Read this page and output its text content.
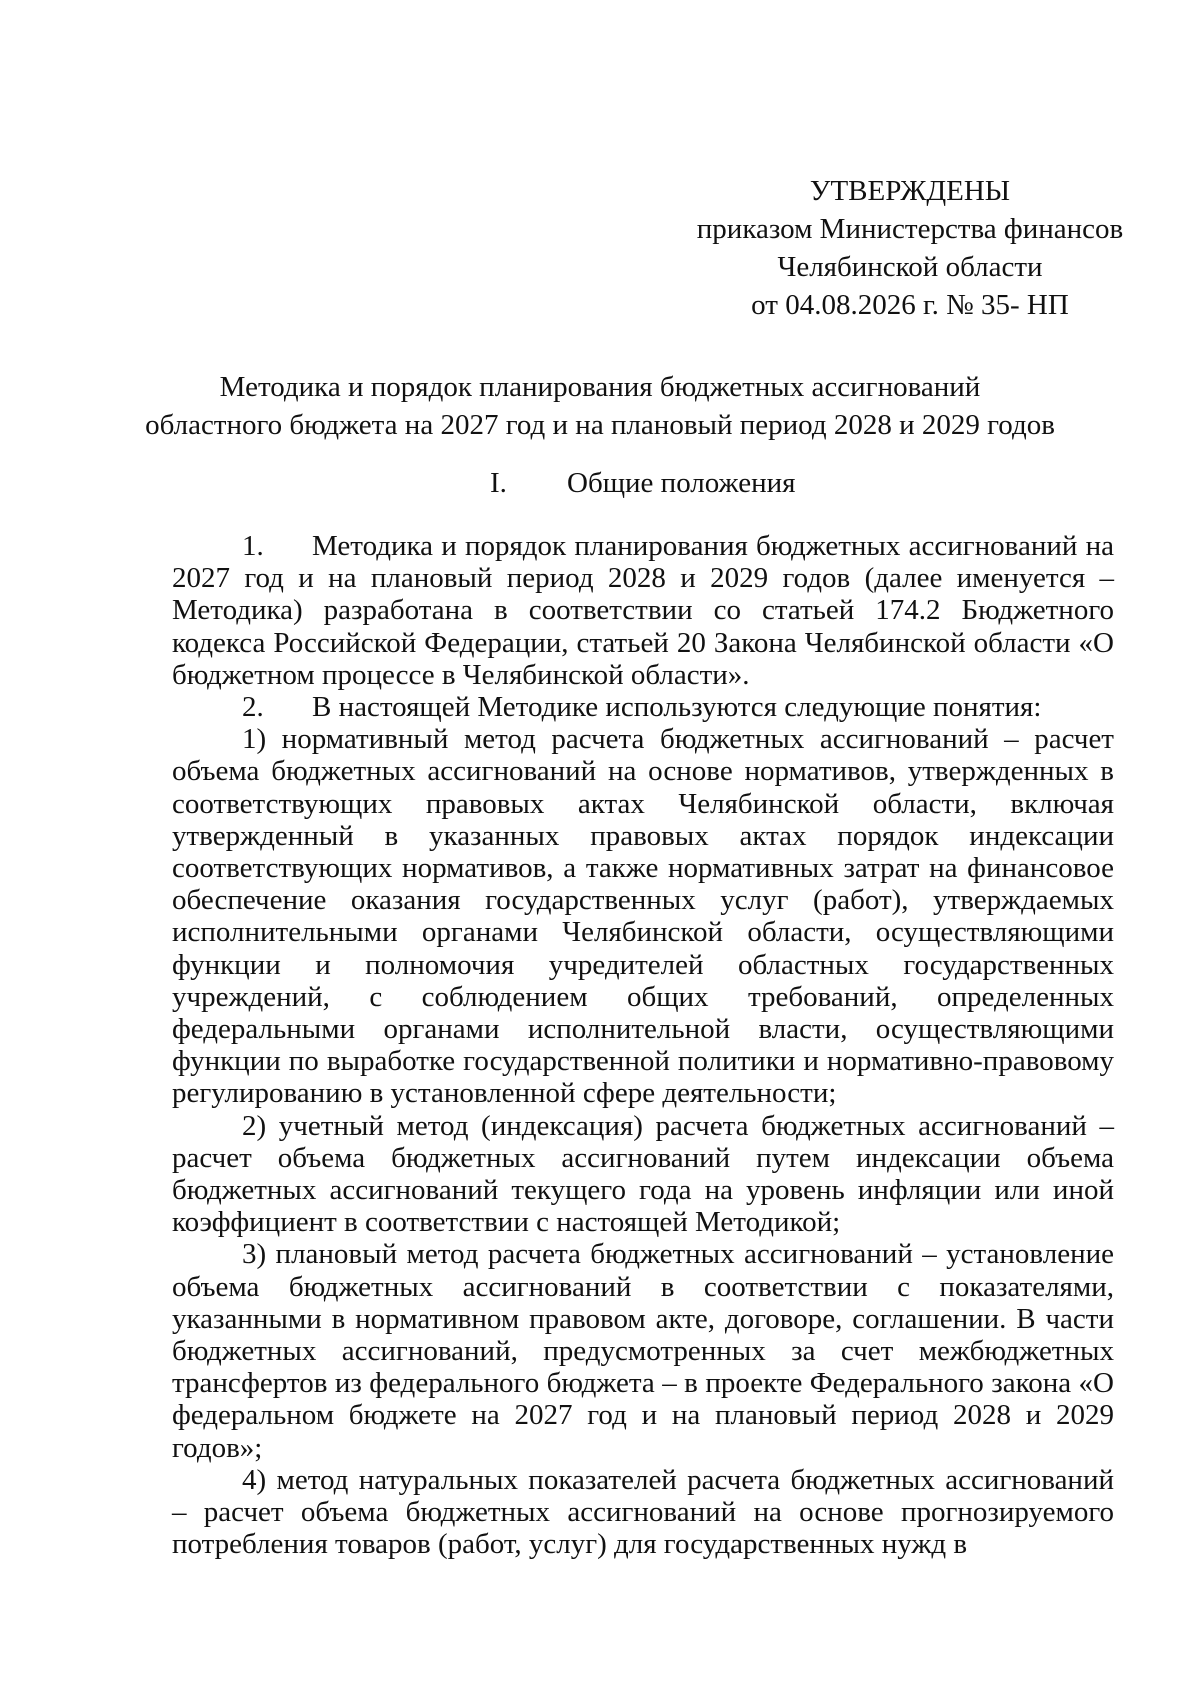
УТВЕРЖДЕНЫ
приказом Министерства финансов
Челябинской области
от 04.08.2026 г. № 35- НП
Методика и порядок планирования бюджетных ассигнований
областного бюджета на 2027 год и на плановый период 2028 и 2029 годов
I. Общие положения

1. Методика и порядок планирования бюджетных ассигнований на 2027 год и на плановый период 2028 и 2029 годов (далее именуется – Методика) разработана в соответствии со статьей 174.2 Бюджетного кодекса Российской Федерации, статьей 20 Закона Челябинской области «О бюджетном процессе в Челябинской области».

2. В настоящей Методике используются следующие понятия:

1) нормативный метод расчета бюджетных ассигнований – расчет объема бюджетных ассигнований на основе нормативов, утвержденных в соответствующих правовых актах Челябинской области, включая утвержденный в указанных правовых актах порядок индексации соответствующих нормативов, а также нормативных затрат на финансовое обеспечение оказания государственных услуг (работ), утверждаемых исполнительными органами Челябинской области, осуществляющими функции и полномочия учредителей областных государственных учреждений, с соблюдением общих требований, определенных федеральными органами исполнительной власти, осуществляющими функции по выработке государственной политики и нормативно-правовому регулированию в установленной сфере деятельности;

2) учетный метод (индексация) расчета бюджетных ассигнований – расчет объема бюджетных ассигнований путем индексации объема бюджетных ассигнований текущего года на уровень инфляции или иной коэффициент в соответствии с настоящей Методикой;

3) плановый метод расчета бюджетных ассигнований – установление объема бюджетных ассигнований в соответствии с показателями, указанными в нормативном правовом акте, договоре, соглашении. В части бюджетных ассигнований, предусмотренных за счет межбюджетных трансфертов из федерального бюджета – в проекте Федерального закона «О федеральном бюджете на 2027 год и на плановый период 2028 и 2029 годов»;

4) метод натуральных показателей расчета бюджетных ассигнований – расчет объема бюджетных ассигнований на основе прогнозируемого потребления товаров (работ, услуг) для государственных нужд в
